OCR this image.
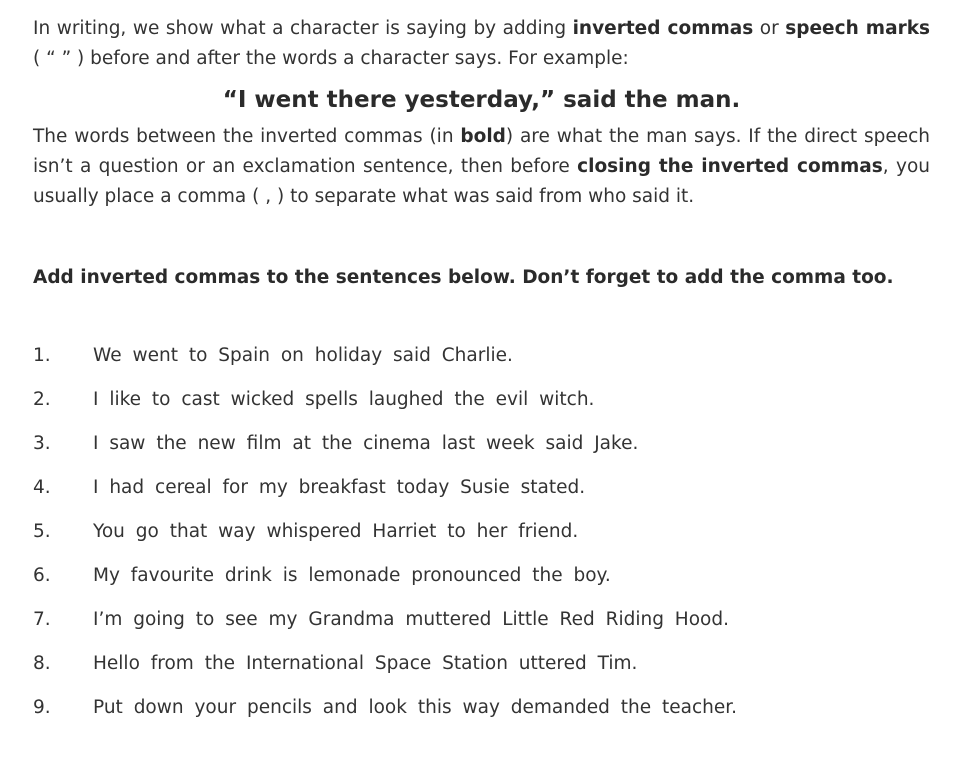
In writing, we show what a character is saying by adding inverted commas or speech marks ( “ ” ) before and after the words a character says. For example:

“I went there yesterday,” said the man.

The words between the inverted commas (in bold) are what the man says. If the direct speech isn’t a question or an exclamation sentence, then before closing the inverted commas, you usually place a comma ( , ) to separate what was said from who said it.

Add inverted commas to the sentences below. Don’t forget to add the comma too.

1.	We went to Spain on holiday said Charlie.
2.	I like to cast wicked spells laughed the evil witch.
3.	I saw the new film at the cinema last week said Jake.
4.	I had cereal for my breakfast today Susie stated.
5.	You go that way whispered Harriet to her friend.
6.	My favourite drink is lemonade pronounced the boy.
7.	I’m going to see my Grandma muttered Little Red Riding Hood.
8.	Hello from the International Space Station uttered Tim.
9.	Put down your pencils and look this way demanded the teacher.
